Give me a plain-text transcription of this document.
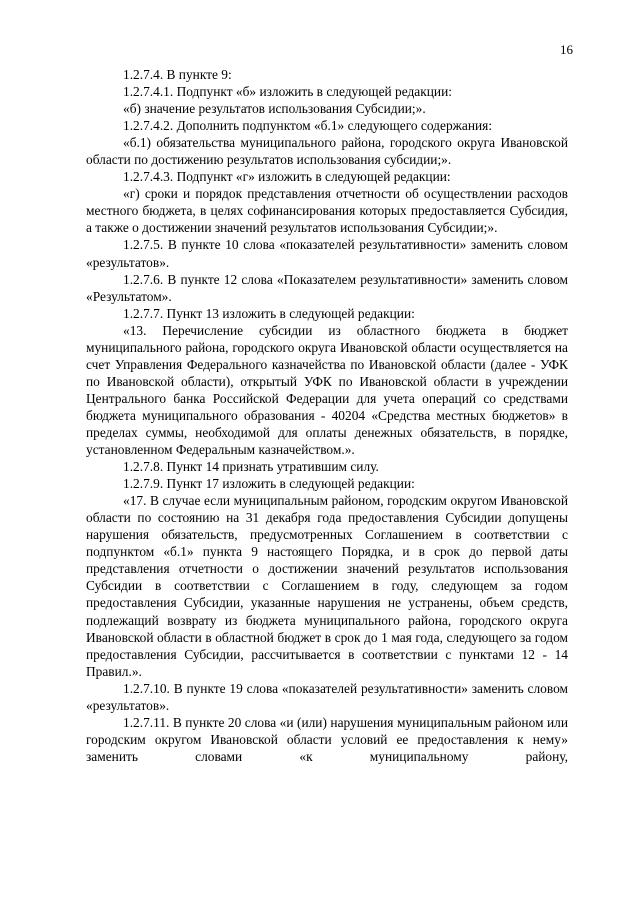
16

1.2.7.4. В пункте 9:

1.2.7.4.1. Подпункт «б» изложить в следующей редакции:

«б) значение результатов использования Субсидии;».

1.2.7.4.2. Дополнить подпунктом «б.1» следующего содержания:

«б.1) обязательства муниципального района, городского округа Ивановской области по достижению результатов использования субсидии;».

1.2.7.4.3. Подпункт «г» изложить в следующей редакции:

«г) сроки и порядок представления отчетности об осуществлении расходов местного бюджета, в целях софинансирования которых предоставляется Субсидия, а также о достижении значений результатов использования Субсидии;».

1.2.7.5. В пункте 10 слова «показателей результативности» заменить словом «результатов».

1.2.7.6. В пункте 12 слова «Показателем результативности» заменить словом «Результатом».

1.2.7.7. Пункт 13 изложить в следующей редакции:

«13. Перечисление субсидии из областного бюджета в бюджет муниципального района, городского округа Ивановской области осуществляется на счет Управления Федерального казначейства по Ивановской области (далее - УФК по Ивановской области), открытый УФК по Ивановской области в учреждении Центрального банка Российской Федерации для учета операций со средствами бюджета муниципального образования - 40204 «Средства местных бюджетов» в пределах суммы, необходимой для оплаты денежных обязательств, в порядке, установленном Федеральным казначейством.».

1.2.7.8. Пункт 14 признать утратившим силу.

1.2.7.9. Пункт 17 изложить в следующей редакции:

«17. В случае если муниципальным районом, городским округом Ивановской области по состоянию на 31 декабря года предоставления Субсидии допущены нарушения обязательств, предусмотренных Соглашением в соответствии с подпунктом «б.1» пункта 9 настоящего Порядка, и в срок до первой даты представления отчетности о достижении значений результатов использования Субсидии в соответствии с Соглашением в году, следующем за годом предоставления Субсидии, указанные нарушения не устранены, объем средств, подлежащий возврату из бюджета муниципального района, городского округа Ивановской области в областной бюджет в срок до 1 мая года, следующего за годом предоставления Субсидии, рассчитывается в соответствии с пунктами 12 - 14 Правил.».

1.2.7.10. В пункте 19 слова «показателей результативности» заменить словом «результатов».

1.2.7.11. В пункте 20 слова «и (или) нарушения муниципальным районом или городским округом Ивановской области условий ее предоставления к нему» заменить словами «к муниципальному району,
